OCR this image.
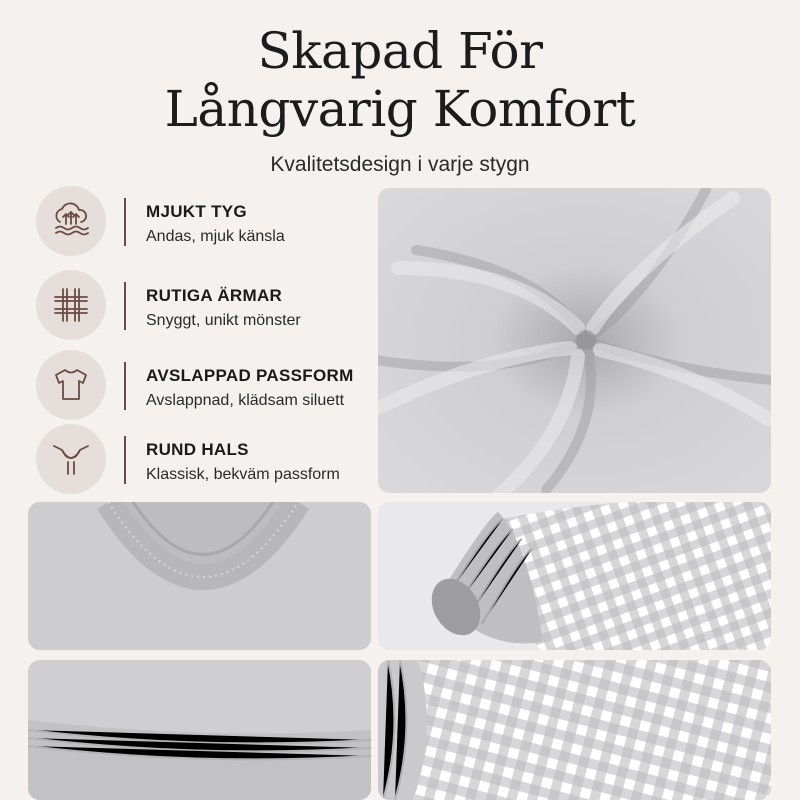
Skapad För
Långvarig Komfort
Kvalitetsdesign i varje stygn
MJUKT TYG
Andas, mjuk känsla
RUTIGA ÄRMAR
Snyggt, unikt mönster
AVSLAPPAD PASSFORM
Avslappnad, klädsam siluett
RUND HALS
Klassisk, bekväm passform
